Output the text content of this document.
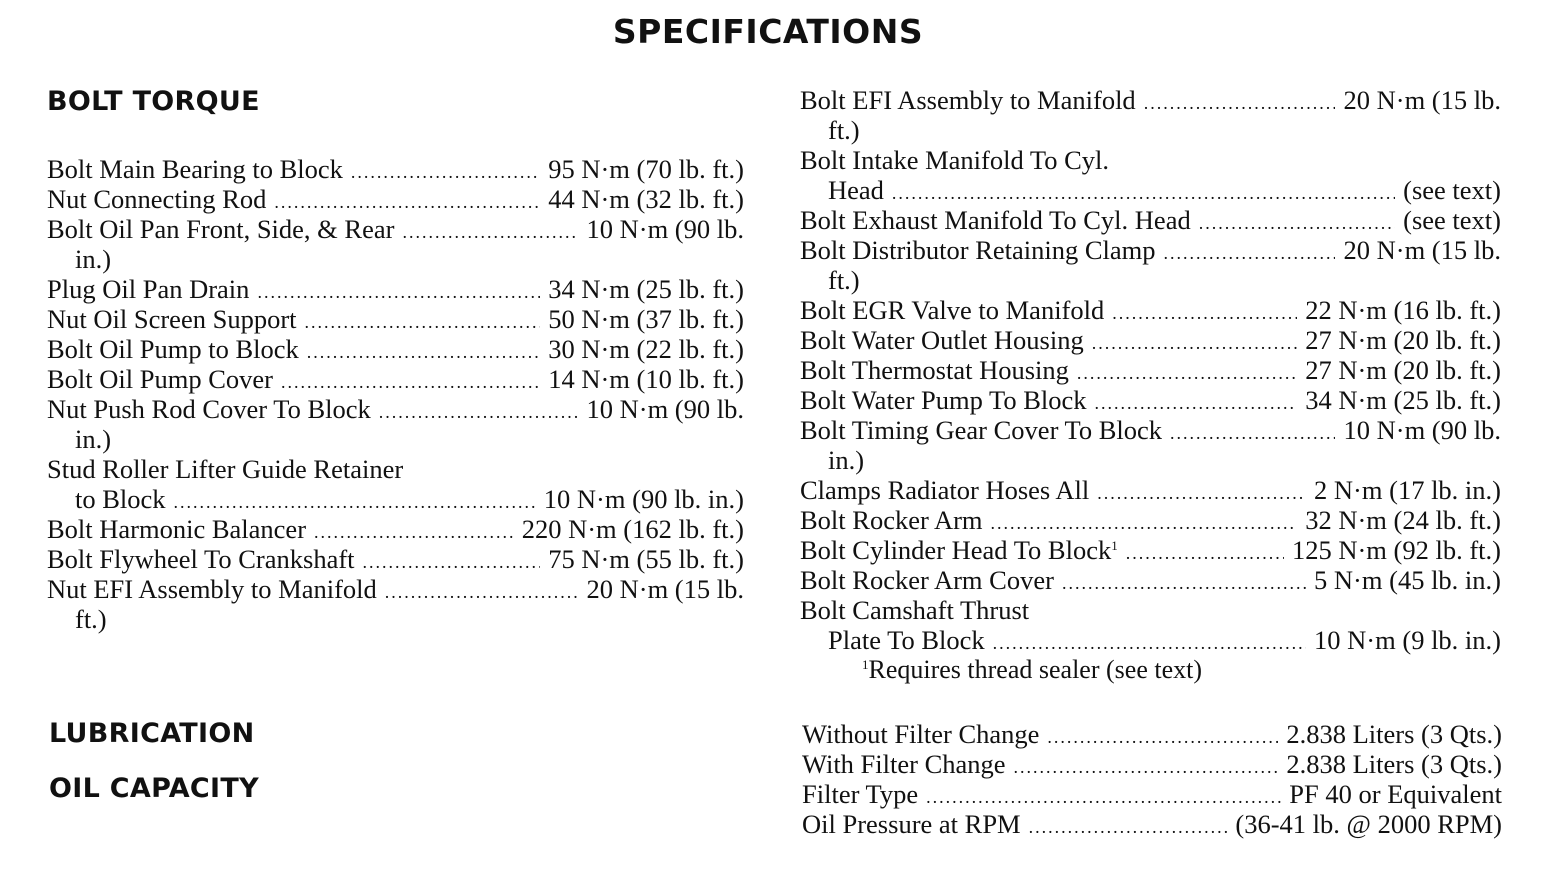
SPECIFICATIONS
BOLT TORQUE
LUBRICATION
OIL CAPACITY
Bolt Main Bearing to Block .....	95 N·m (70 lb. ft.)
Nut Connecting Rod .....	44 N·m (32 lb. ft.)
Bolt Oil Pan Front, Side, & Rear .....	10 N·m (90 lb.
in.)
Plug Oil Pan Drain .....	34 N·m (25 lb. ft.)
Nut Oil Screen Support .....	50 N·m (37 lb. ft.)
Bolt Oil Pump to Block .....	30 N·m (22 lb. ft.)
Bolt Oil Pump Cover .....	14 N·m (10 lb. ft.)
Nut Push Rod Cover To Block .....	10 N·m (90 lb.
in.)
Stud Roller Lifter Guide Retainer
to Block .....	10 N·m (90 lb. in.)
Bolt Harmonic Balancer .....	220 N·m (162 lb. ft.)
Bolt Flywheel To Crankshaft .....	75 N·m (55 lb. ft.)
Nut EFI Assembly to Manifold .....	20 N·m (15 lb.
ft.)
Bolt EFI Assembly to Manifold .....	20 N·m (15 lb.
ft.)
Bolt Intake Manifold To Cyl.
Head .....	(see text)
Bolt Exhaust Manifold To Cyl. Head .....	(see text)
Bolt Distributor Retaining Clamp .....	20 N·m (15 lb.
ft.)
Bolt EGR Valve to Manifold .....	22 N·m (16 lb. ft.)
Bolt Water Outlet Housing .....	27 N·m (20 lb. ft.)
Bolt Thermostat Housing .....	27 N·m (20 lb. ft.)
Bolt Water Pump To Block .....	34 N·m (25 lb. ft.)
Bolt Timing Gear Cover To Block .....	10 N·m (90 lb.
in.)
Clamps Radiator Hoses All .....	2 N·m (17 lb. in.)
Bolt Rocker Arm .....	32 N·m (24 lb. ft.)
Bolt Cylinder Head To Block$^1$ .....	125 N·m (92 lb. ft.)
Bolt Rocker Arm Cover .....	5 N·m (45 lb. in.)
Bolt Camshaft Thrust
Plate To Block .....	10 N·m (9 lb. in.)
$^1$Requires thread sealer (see text)
Without Filter Change .....	2.838 Liters (3 Qts.)
With Filter Change .....	2.838 Liters (3 Qts.)
Filter Type .....	PF 40 or Equivalent
Oil Pressure at RPM .....	(36-41 lb. @ 2000 RPM)
